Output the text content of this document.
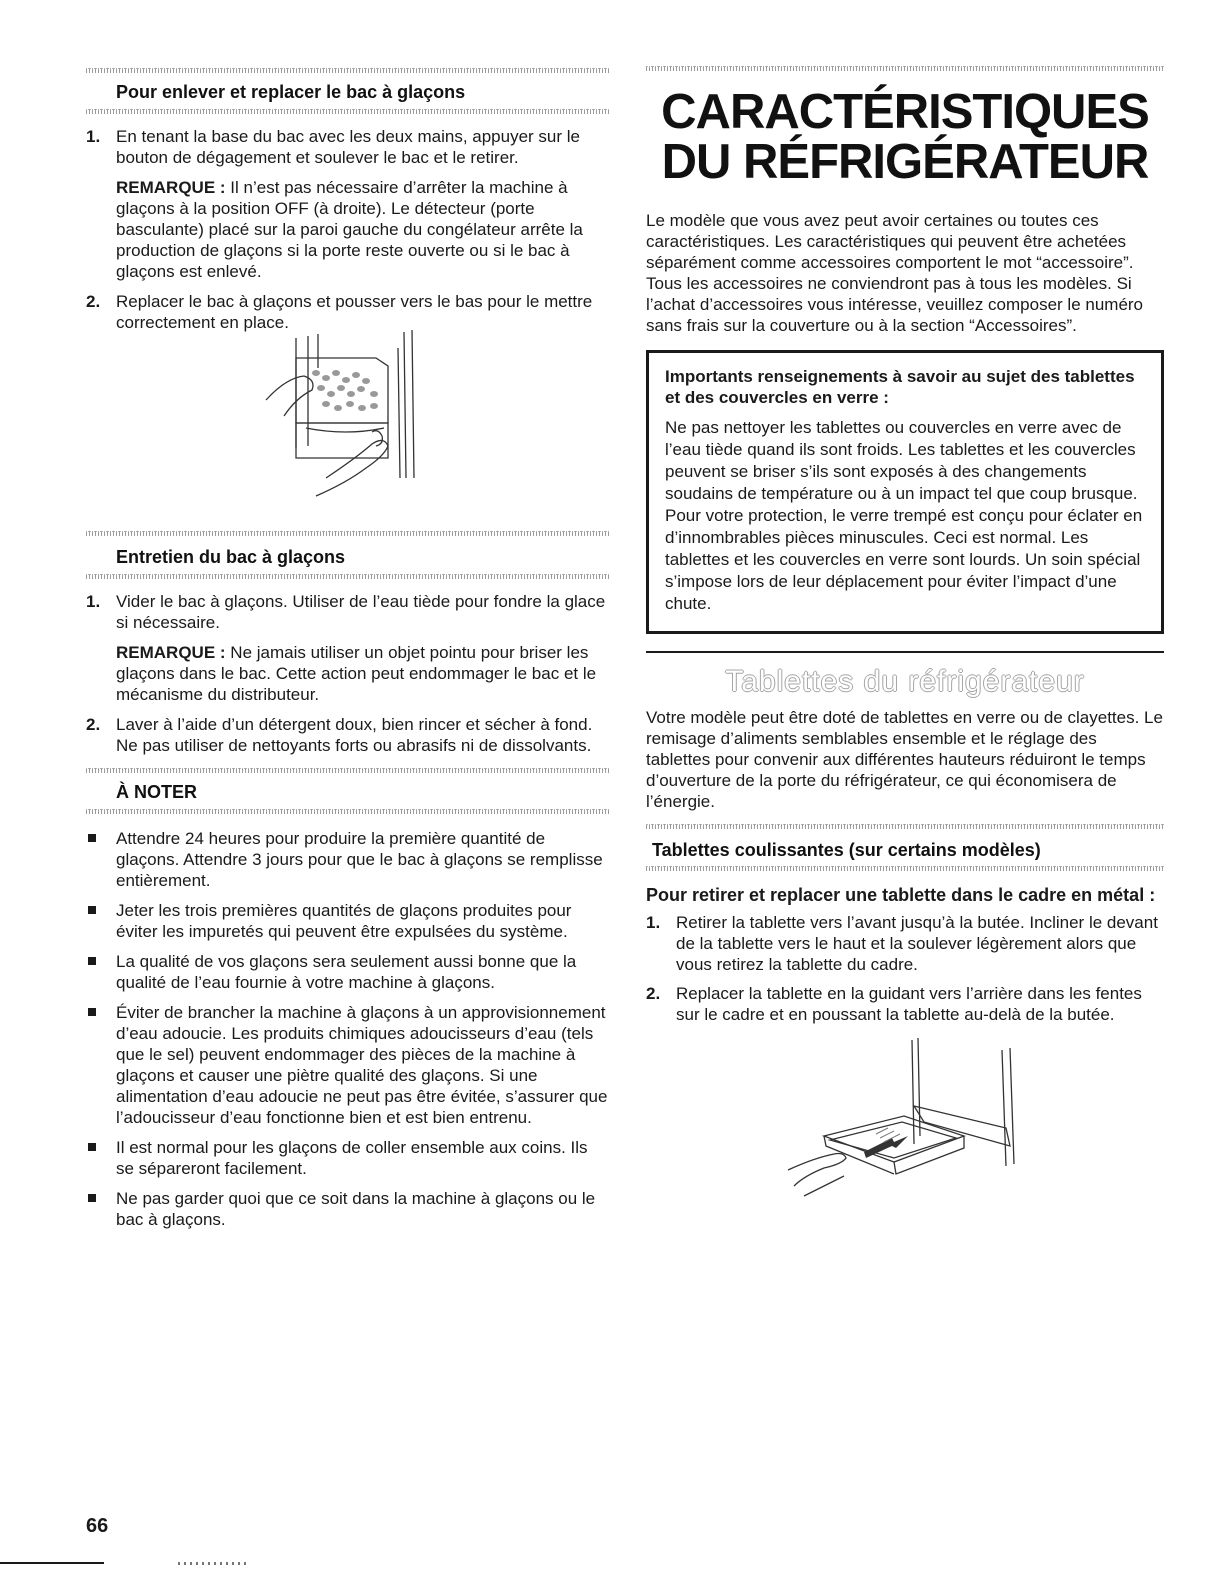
Pour enlever et replacer le bac à glaçons
1. En tenant la base du bac avec les deux mains, appuyer sur le bouton de dégagement et soulever le bac et le retirer.

REMARQUE : Il n’est pas nécessaire d’arrêter la machine à glaçons à la position OFF (à droite). Le détecteur (porte basculante) placé sur la paroi gauche du congélateur arrête la production de glaçons si la porte reste ouverte ou si le bac à glaçons est enlevé.

2. Replacer le bac à glaçons et pousser vers le bas pour le mettre correctement en place.

Entretien du bac à glaçons
1. Vider le bac à glaçons. Utiliser de l’eau tiède pour fondre la glace si nécessaire.

REMARQUE : Ne jamais utiliser un objet pointu pour briser les glaçons dans le bac. Cette action peut endommager le bac et le mécanisme du distributeur.

2. Laver à l’aide d’un détergent doux, bien rincer et sécher à fond. Ne pas utiliser de nettoyants forts ou abrasifs ni de dissolvants.

À NOTER
Attendre 24 heures pour produire la première quantité de glaçons. Attendre 3 jours pour que le bac à glaçons se remplisse entièrement.
Jeter les trois premières quantités de glaçons produites pour éviter les impuretés qui peuvent être expulsées du système.
La qualité de vos glaçons sera seulement aussi bonne que la qualité de l’eau fournie à votre machine à glaçons.
Éviter de brancher la machine à glaçons à un approvisionnement d’eau adoucie. Les produits chimiques adoucisseurs d’eau (tels que le sel) peuvent endommager des pièces de la machine à glaçons et causer une piètre qualité des glaçons. Si une alimentation d’eau adoucie ne peut pas être évitée, s’assurer que l’adoucisseur d’eau fonctionne bien et est bien entrenu.
Il est normal pour les glaçons de coller ensemble aux coins. Ils se sépareront facilement.
Ne pas garder quoi que ce soit dans la machine à glaçons ou le bac à glaçons.
CARACTÉRISTIQUES
DU RÉFRIGÉRATEUR

Le modèle que vous avez peut avoir certaines ou toutes ces caractéristiques. Les caractéristiques qui peuvent être achetées séparément comme accessoires comportent le mot “accessoire”. Tous les accessoires ne conviendront pas à tous les modèles. Si l’achat d’accessoires vous intéresse, veuillez composer le numéro sans frais sur la couverture ou à la section “Accessoires”.

Importants renseignements à savoir au sujet des tablettes et des couvercles en verre :
Ne pas nettoyer les tablettes ou couvercles en verre avec de l’eau tiède quand ils sont froids. Les tablettes et les couvercles peuvent se briser s’ils sont exposés à des changements soudains de température ou à un impact tel que coup brusque. Pour votre protection, le verre trempé est conçu pour éclater en d’innombrables pièces minuscules. Ceci est normal. Les tablettes et les couvercles en verre sont lourds. Un soin spécial s’impose lors de leur déplacement pour éviter l’impact d’une chute.
Tablettes du réfrigérateur

Votre modèle peut être doté de tablettes en verre ou de clayettes. Le remisage d’aliments semblables ensemble et le réglage des tablettes pour convenir aux différentes hauteurs réduiront le temps d’ouverture de la porte du réfrigérateur, ce qui économisera de l’énergie.

Tablettes coulissantes (sur certains modèles)
Pour retirer et replacer une tablette dans le cadre en métal :
1. Retirer la tablette vers l’avant jusqu’à la butée. Incliner le devant de la tablette vers le haut et la soulever légèrement alors que vous retirez la tablette du cadre.

2. Replacer la tablette en la guidant vers l’arrière dans les fentes sur le cadre et en poussant la tablette au-delà de la butée.

66
